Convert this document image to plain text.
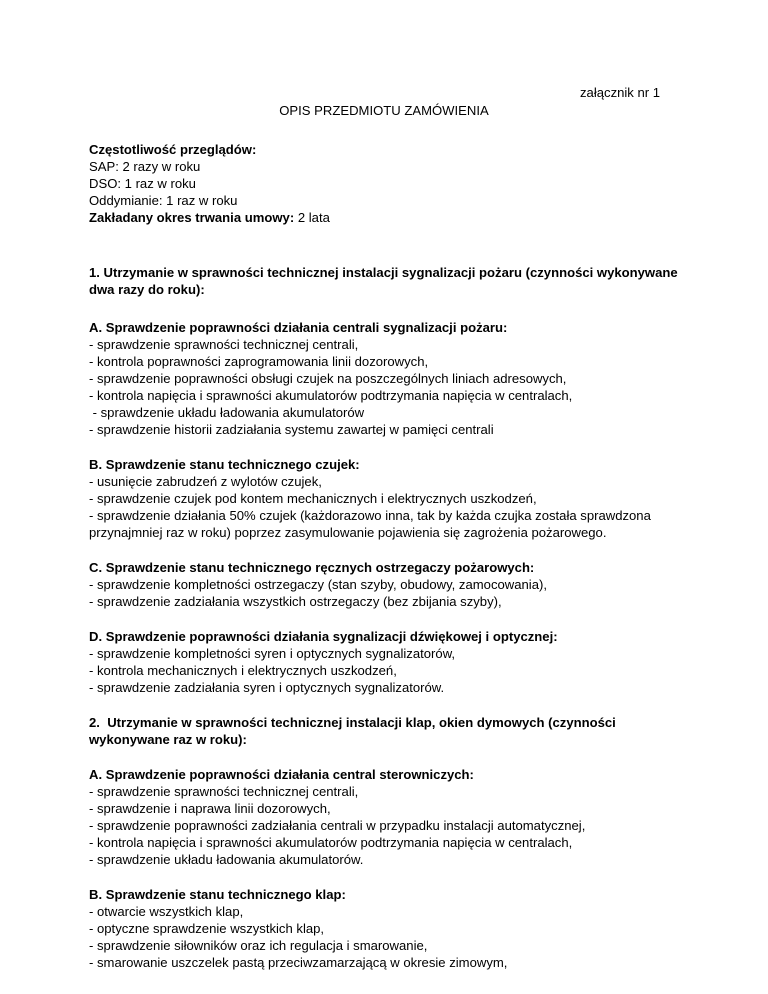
załącznik nr 1
OPIS PRZEDMIOTU ZAMÓWIENIA
Częstotliwość przeglądów:
SAP: 2 razy w roku
DSO: 1 raz w roku
Oddymianie: 1 raz w roku
Zakładany okres trwania umowy: 2 lata
1. Utrzymanie w sprawności technicznej instalacji sygnalizacji pożaru (czynności wykonywane
dwa razy do roku):
A. Sprawdzenie poprawności działania centrali sygnalizacji pożaru:
- sprawdzenie sprawności technicznej centrali,
- kontrola poprawności zaprogramowania linii dozorowych,
- sprawdzenie poprawności obsługi czujek na poszczególnych liniach adresowych,
- kontrola napięcia i sprawności akumulatorów podtrzymania napięcia w centralach,
- sprawdzenie układu ładowania akumulatorów
- sprawdzenie historii zadziałania systemu zawartej w pamięci centrali
B. Sprawdzenie stanu technicznego czujek:
- usunięcie zabrudzeń z wylotów czujek,
- sprawdzenie czujek pod kontem mechanicznych i elektrycznych uszkodzeń,
- sprawdzenie działania 50% czujek (każdorazowo inna, tak by każda czujka została sprawdzona
przynajmniej raz w roku) poprzez zasymulowanie pojawienia się zagrożenia pożarowego.
C. Sprawdzenie stanu technicznego ręcznych ostrzegaczy pożarowych:
- sprawdzenie kompletności ostrzegaczy (stan szyby, obudowy, zamocowania),
- sprawdzenie zadziałania wszystkich ostrzegaczy (bez zbijania szyby),
D. Sprawdzenie poprawności działania sygnalizacji dźwiękowej i optycznej:
- sprawdzenie kompletności syren i optycznych sygnalizatorów,
- kontrola mechanicznych i elektrycznych uszkodzeń,
- sprawdzenie zadziałania syren i optycznych sygnalizatorów.
2.  Utrzymanie w sprawności technicznej instalacji klap, okien dymowych (czynności
wykonywane raz w roku):
A. Sprawdzenie poprawności działania central sterowniczych:
- sprawdzenie sprawności technicznej centrali,
- sprawdzenie i naprawa linii dozorowych,
- sprawdzenie poprawności zadziałania centrali w przypadku instalacji automatycznej,
- kontrola napięcia i sprawności akumulatorów podtrzymania napięcia w centralach,
- sprawdzenie układu ładowania akumulatorów.
B. Sprawdzenie stanu technicznego klap:
- otwarcie wszystkich klap,
- optyczne sprawdzenie wszystkich klap,
- sprawdzenie siłowników oraz ich regulacja i smarowanie,
- smarowanie uszczelek pastą przeciwzamarzającą w okresie zimowym,
